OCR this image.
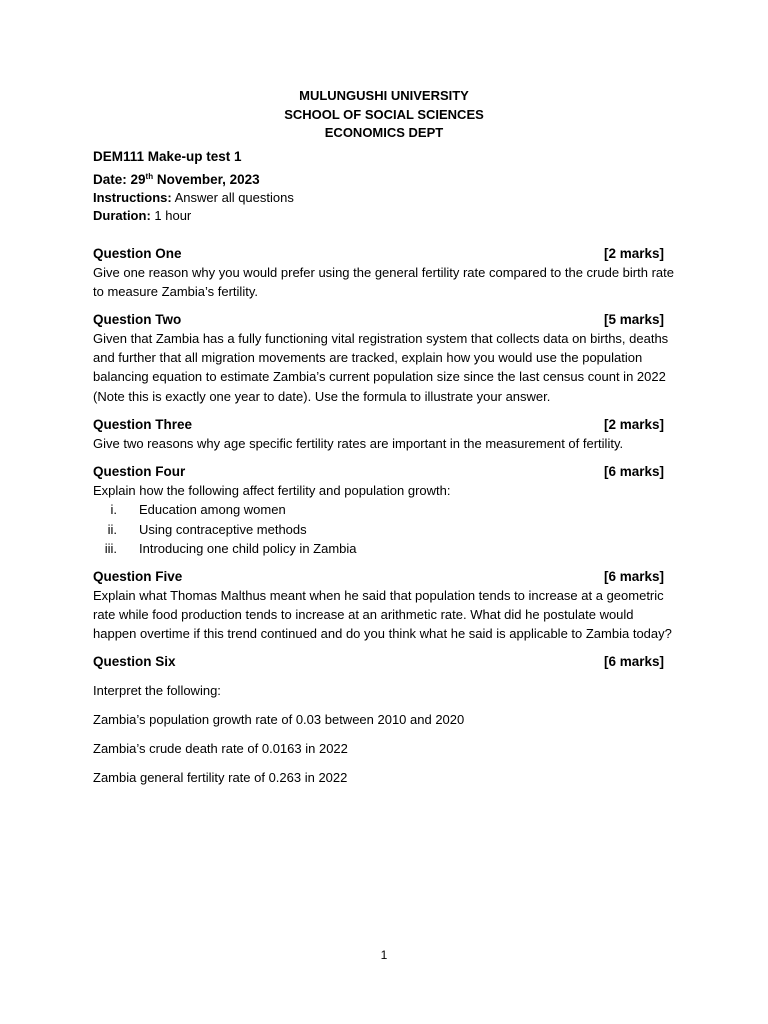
MULUNGUSHI UNIVERSITY
SCHOOL OF SOCIAL SCIENCES
ECONOMICS DEPT
DEM111 Make-up test 1
Date: 29th November, 2023
Instructions: Answer all questions
Duration: 1 hour
Question One	[2 marks]
Give one reason why you would prefer using the general fertility rate compared to the crude birth rate to measure Zambia’s fertility.
Question Two	[5 marks]
Given that Zambia has a fully functioning vital registration system that collects data on births, deaths and further that all migration movements are tracked, explain how you would use the population balancing equation to estimate Zambia’s current population size since the last census count in 2022 (Note this is exactly one year to date). Use the formula to illustrate your answer.
Question Three	[2 marks]
Give two reasons why age specific fertility rates are important in the measurement of fertility.
Question Four	[6 marks]
Explain how the following affect fertility and population growth:
i. Education among women
ii. Using contraceptive methods
iii. Introducing one child policy in Zambia
Question Five	[6 marks]
Explain what Thomas Malthus meant when he said that population tends to increase at a geometric rate while food production tends to increase at an arithmetic rate. What did he postulate would happen overtime if this trend continued and do you think what he said is applicable to Zambia today?
Question Six	[6 marks]
Interpret the following:
Zambia’s population growth rate of 0.03 between 2010 and 2020
Zambia’s crude death rate of 0.0163 in 2022
Zambia general fertility rate of 0.263 in 2022
1
